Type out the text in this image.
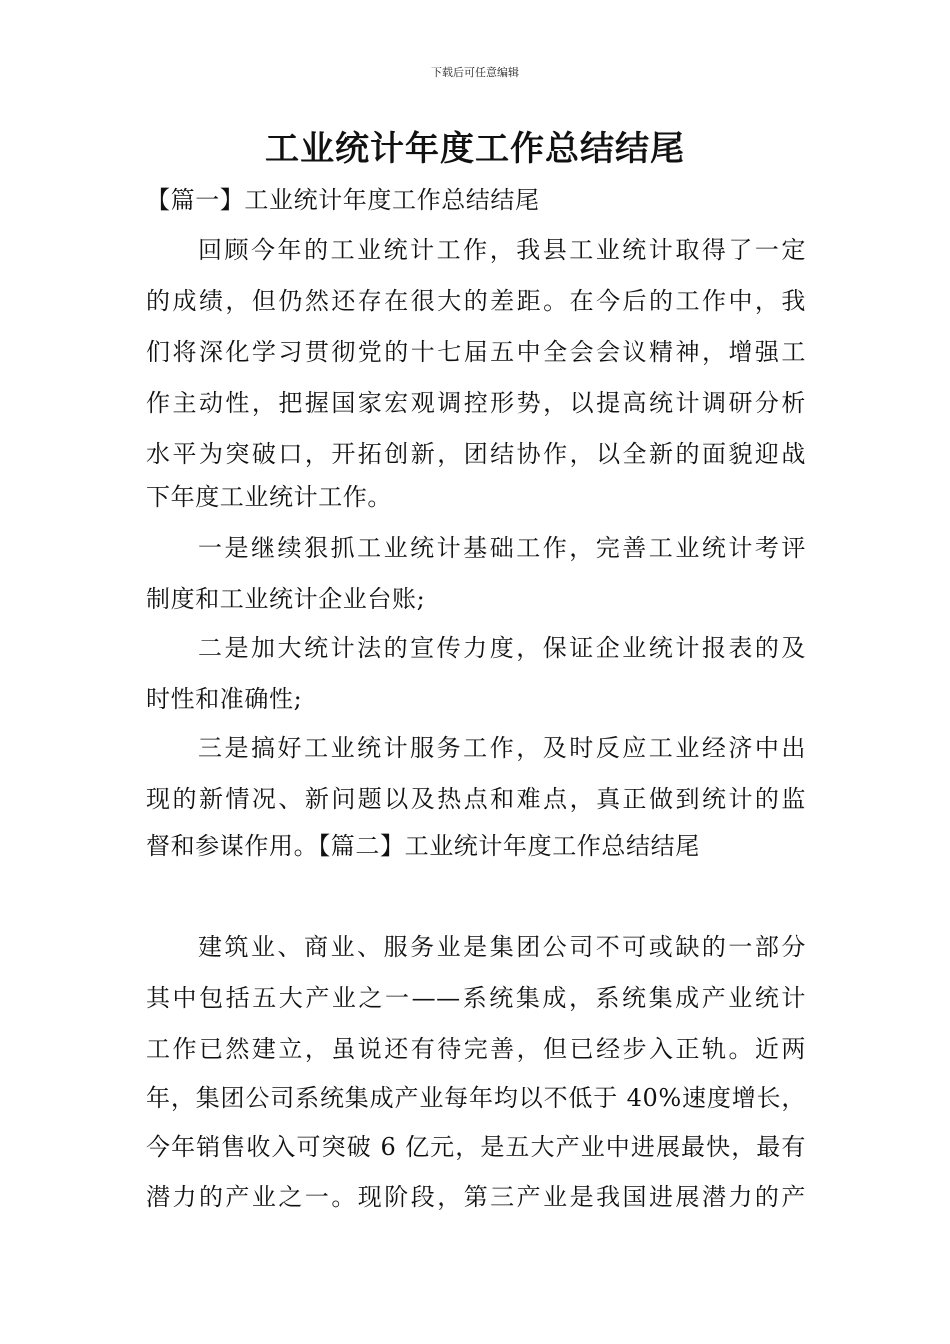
下载后可任意编辑
工业统计年度工作总结结尾
【篇一】工业统计年度工作总结结尾
回顾今年的工业统计工作，我县工业统计取得了一定
的成绩，但仍然还存在很大的差距。在今后的工作中，我
们将深化学习贯彻党的十七届五中全会会议精神，增强工
作主动性，把握国家宏观调控形势，以提高统计调研分析
水平为突破口，开拓创新，团结协作，以全新的面貌迎战
下年度工业统计工作。
一是继续狠抓工业统计基础工作，完善工业统计考评
制度和工业统计企业台账;
二是加大统计法的宣传力度，保证企业统计报表的及
时性和准确性;
三是搞好工业统计服务工作，及时反应工业经济中出
现的新情况、新问题以及热点和难点，真正做到统计的监
督和参谋作用。【篇二】工业统计年度工作总结结尾
建筑业、商业、服务业是集团公司不可或缺的一部分
其中包括五大产业之一——系统集成，系统集成产业统计
工作已然建立，虽说还有待完善，但已经步入正轨。近两
年，集团公司系统集成产业每年均以不低于 40%速度增长，
今年销售收入可突破 6 亿元，是五大产业中进展最快，最有
潜力的产业之一。现阶段，第三产业是我国进展潜力的产
